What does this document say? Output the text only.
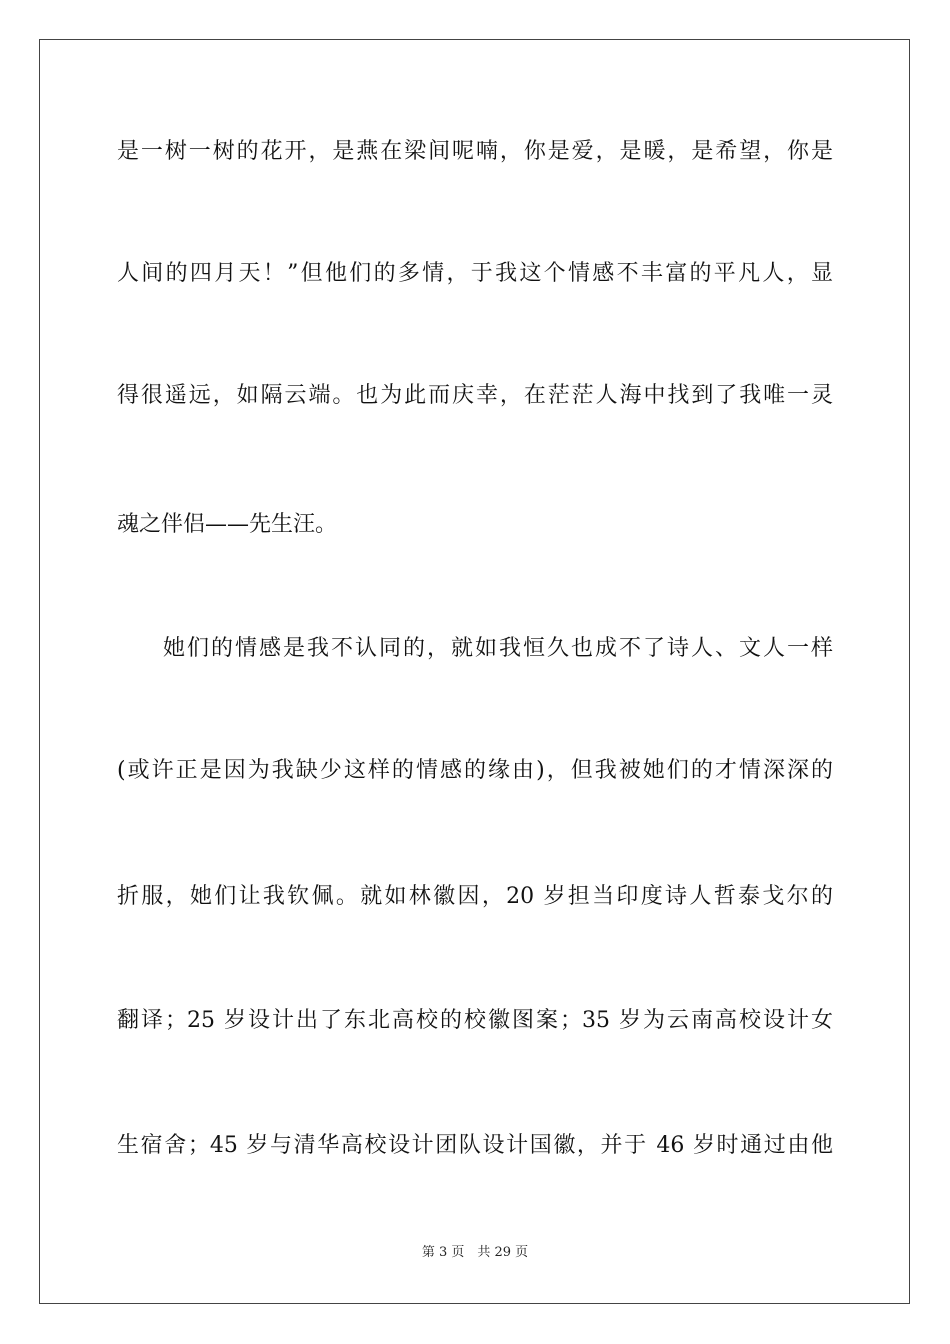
是一树一树的花开，是燕在梁间呢喃，你是爱，是暖，是希望，你是
人间的四月天！”但他们的多情，于我这个情感不丰富的平凡人，显
得很遥远，如隔云端。也为此而庆幸，在茫茫人海中找到了我唯一灵
魂之伴侣——先生汪。
她们的情感是我不认同的，就如我恒久也成不了诗人、文人一样
(或许正是因为我缺少这样的情感的缘由)，但我被她们的才情深深的
折服，她们让我钦佩。就如林徽因，20 岁担当印度诗人哲泰戈尔的
翻译；25 岁设计出了东北高校的校徽图案；35 岁为云南高校设计女
生宿舍；45 岁与清华高校设计团队设计国徽，并于 46 岁时通过由他
第 3 页　共 29 页
